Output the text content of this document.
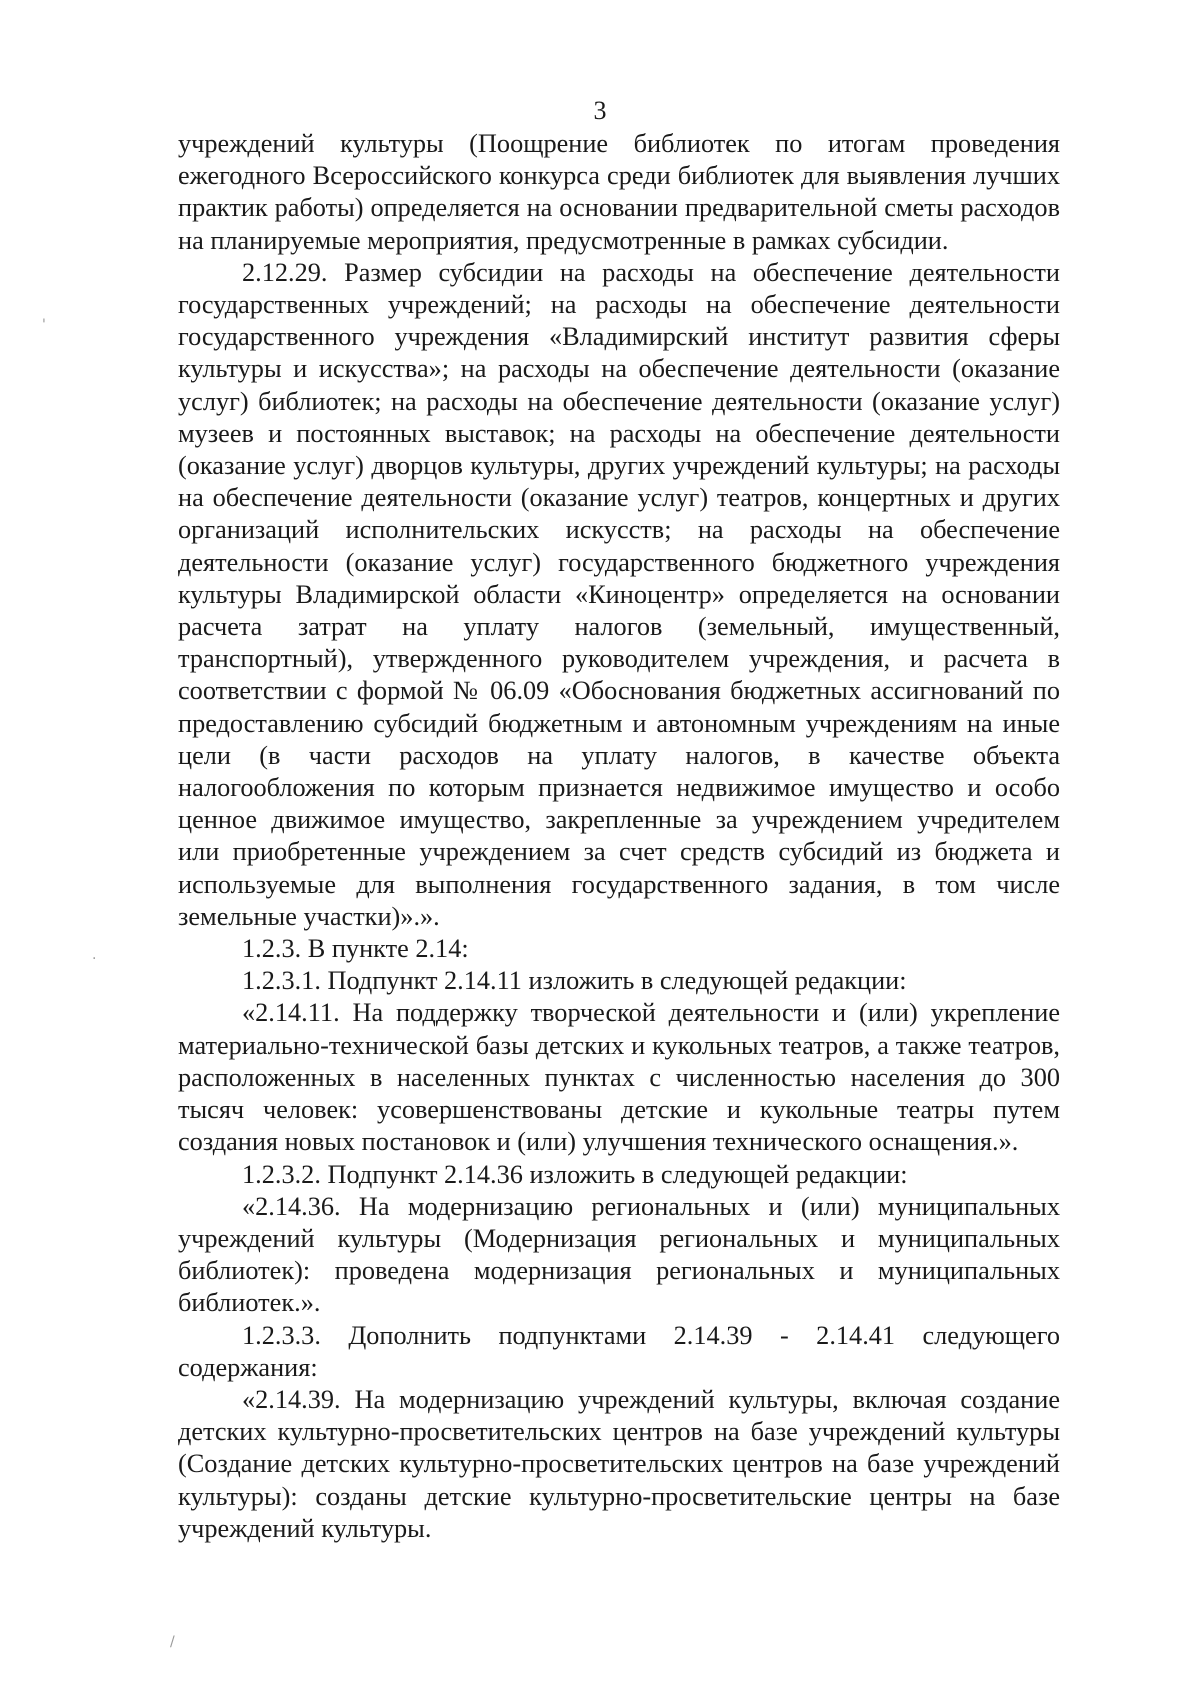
3

учреждений культуры (Поощрение библиотек по итогам проведения ежегодного Всероссийского конкурса среди библиотек для выявления лучших практик работы) определяется на основании предварительной сметы расходов на планируемые мероприятия, предусмотренные в рамках субсидии.

2.12.29. Размер субсидии на расходы на обеспечение деятельности государственных учреждений; на расходы на обеспечение деятельности государственного учреждения «Владимирский институт развития сферы культуры и искусства»; на расходы на обеспечение деятельности (оказание услуг) библиотек; на расходы на обеспечение деятельности (оказание услуг) музеев и постоянных выставок; на расходы на обеспечение деятельности (оказание услуг) дворцов культуры, других учреждений культуры; на расходы на обеспечение деятельности (оказание услуг) театров, концертных и других организаций исполнительских искусств; на расходы на обеспечение деятельности (оказание услуг) государственного бюджетного учреждения культуры Владимирской области «Киноцентр» определяется на основании расчета затрат на уплату налогов (земельный, имущественный, транспортный), утвержденного руководителем учреждения, и расчета в соответствии с формой № 06.09 «Обоснования бюджетных ассигнований по предоставлению субсидий бюджетным и автономным учреждениям на иные цели (в части расходов на уплату налогов, в качестве объекта налогообложения по которым признается недвижимое имущество и особо ценное движимое имущество, закрепленные за учреждением учредителем или приобретенные учреждением за счет средств субсидий из бюджета и используемые для выполнения государственного задания, в том числе земельные участки)».».

1.2.3. В пункте 2.14:

1.2.3.1. Подпункт 2.14.11 изложить в следующей редакции:

«2.14.11. На поддержку творческой деятельности и (или) укрепление материально-технической базы детских и кукольных театров, а также театров, расположенных в населенных пунктах с численностью населения до 300 тысяч человек: усовершенствованы детские и кукольные театры путем создания новых постановок и (или) улучшения технического оснащения.».

1.2.3.2. Подпункт 2.14.36 изложить в следующей редакции:

«2.14.36. На модернизацию региональных и (или) муниципальных учреждений культуры (Модернизация региональных и муниципальных библиотек): проведена модернизация региональных и муниципальных библиотек.».

1.2.3.3. Дополнить подпунктами 2.14.39 - 2.14.41 следующего содержания:

«2.14.39. На модернизацию учреждений культуры, включая создание детских культурно-просветительских центров на базе учреждений культуры (Создание детских культурно-просветительских центров на базе учреждений культуры): созданы детские культурно-просветительские центры на базе учреждений культуры.

'
.
/
